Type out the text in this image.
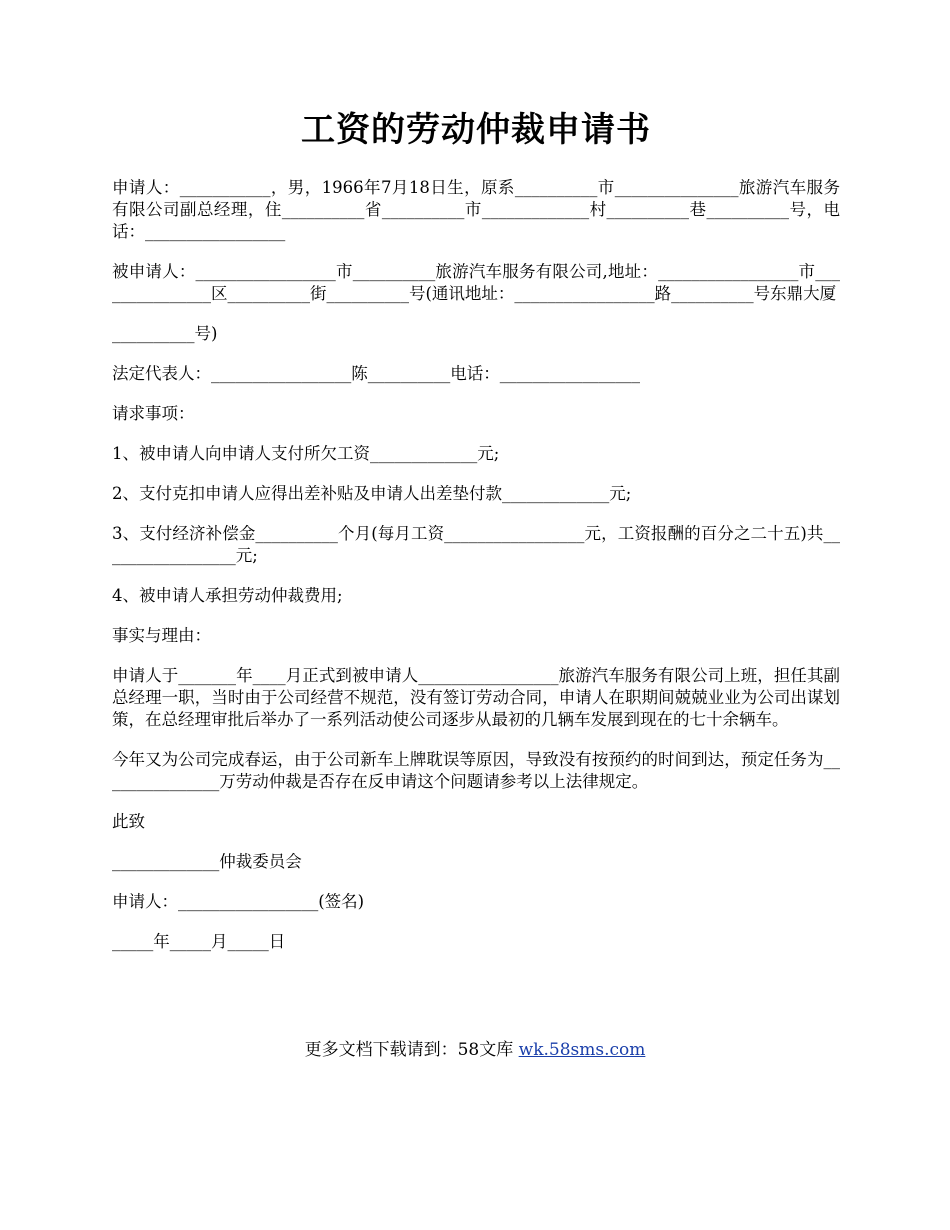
工资的劳动仲裁申请书

申请人：___________，男，1966年7月18日生，原系__________市_______________旅游汽车服务有限公司副总经理，住__________省__________市_____________村__________巷__________号，电话：_________________

被申请人：_________________市__________旅游汽车服务有限公司,地址：_________________市_______________区__________街__________号(通讯地址：_________________路__________号东鼎大厦

__________号)

法定代表人：_________________陈__________电话：_________________

请求事项：

1、被申请人向申请人支付所欠工资_____________元;

2、支付克扣申请人应得出差补贴及申请人出差垫付款_____________元;

3、支付经济补偿金__________个月(每月工资_________________元，工资报酬的百分之二十五)共_________________元;

4、被申请人承担劳动仲裁费用;

事实与理由：

申请人于_______年____月正式到被申请人_________________旅游汽车服务有限公司上班，担任其副总经理一职，当时由于公司经营不规范，没有签订劳动合同，申请人在职期间兢兢业业为公司出谋划策，在总经理审批后举办了一系列活动使公司逐步从最初的几辆车发展到现在的七十余辆车。

今年又为公司完成春运，由于公司新车上牌耽误等原因，导致没有按预约的时间到达，预定任务为_______________万劳动仲裁是否存在反申请这个问题请参考以上法律规定。

此致

_____________仲裁委员会

申请人：_________________(签名)

_____年_____月_____日

更多文档下载请到：58文库 wk.58sms.com
